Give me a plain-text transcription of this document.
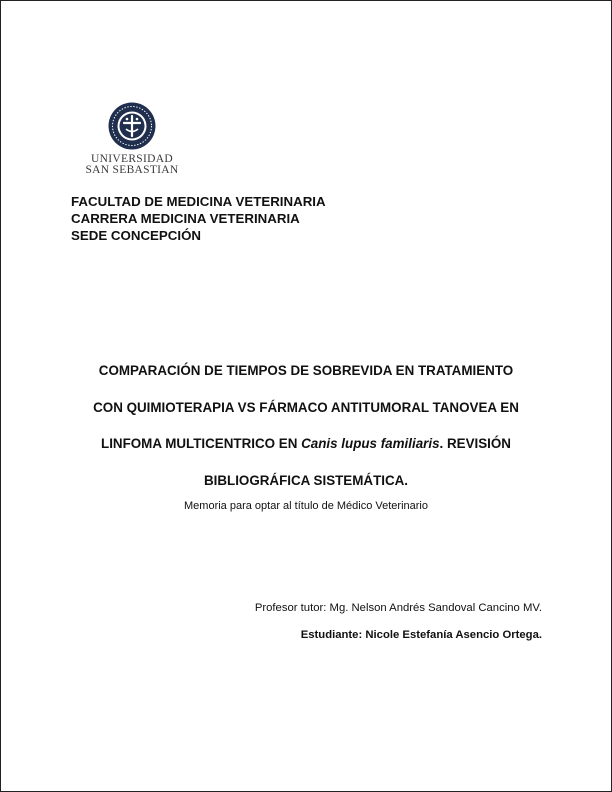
UNIVERSIDAD
SAN SEBASTIAN
FACULTAD DE MEDICINA VETERINARIA
CARRERA MEDICINA VETERINARIA
SEDE CONCEPCIÓN
COMPARACIÓN DE TIEMPOS DE SOBREVIDA EN TRATAMIENTO
CON QUIMIOTERAPIA VS FÁRMACO ANTITUMORAL TANOVEA EN
LINFOMA MULTICENTRICO EN Canis lupus familiaris. REVISIÓN
BIBLIOGRÁFICA SISTEMÁTICA.
Memoria para optar al título de Médico Veterinario
Profesor tutor: Mg. Nelson Andrés Sandoval Cancino MV.
Estudiante: Nicole Estefanía Asencio Ortega.
